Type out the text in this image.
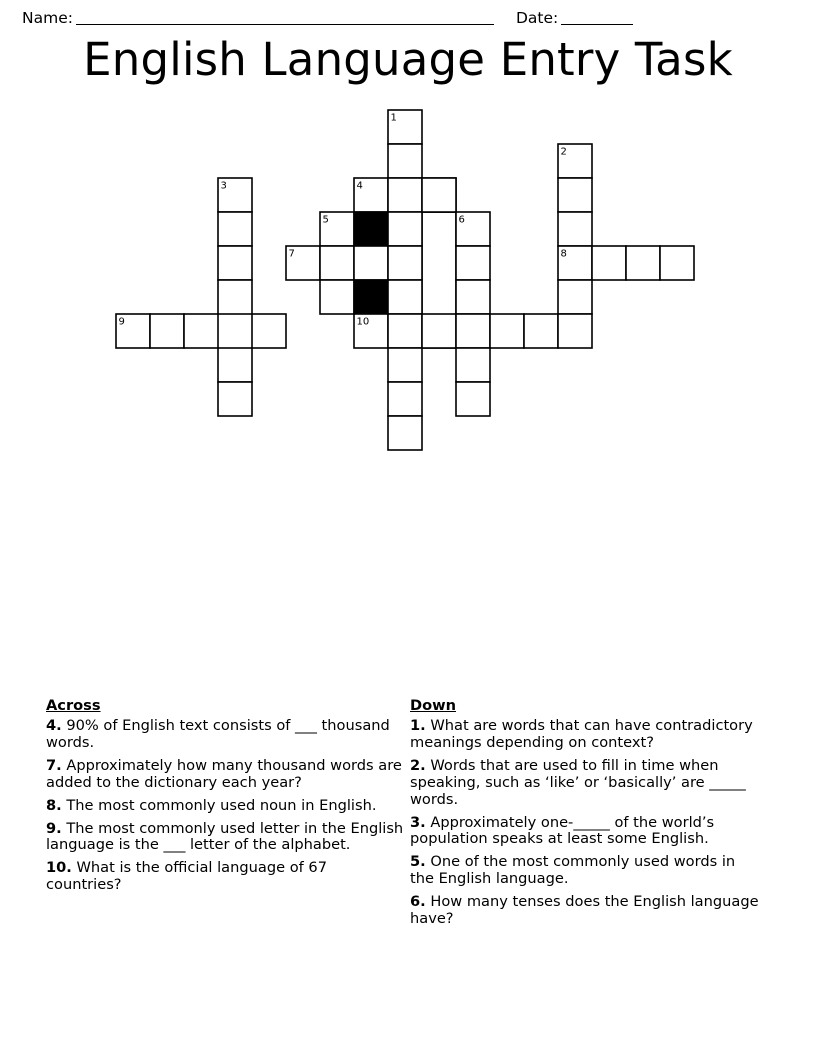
Name:	Date:
English Language Entry Task
1
2
3	4
5	6
7	8
9	10
Across
4. 90% of English text consists of ___ thousand words.
7. Approximately how many thousand words are added to the dictionary each year?
8. The most commonly used noun in English.
9. The most commonly used letter in the English language is the ___ letter of the alphabet.
10. What is the official language of 67 countries?
Down
1. What are words that can have contradictory meanings depending on context?
2. Words that are used to fill in time when speaking, such as ‘like’ or ‘basically’ are _____ words.
3. Approximately one-_____ of the world’s population speaks at least some English.
5. One of the most commonly used words in the English language.
6. How many tenses does the English language have?
